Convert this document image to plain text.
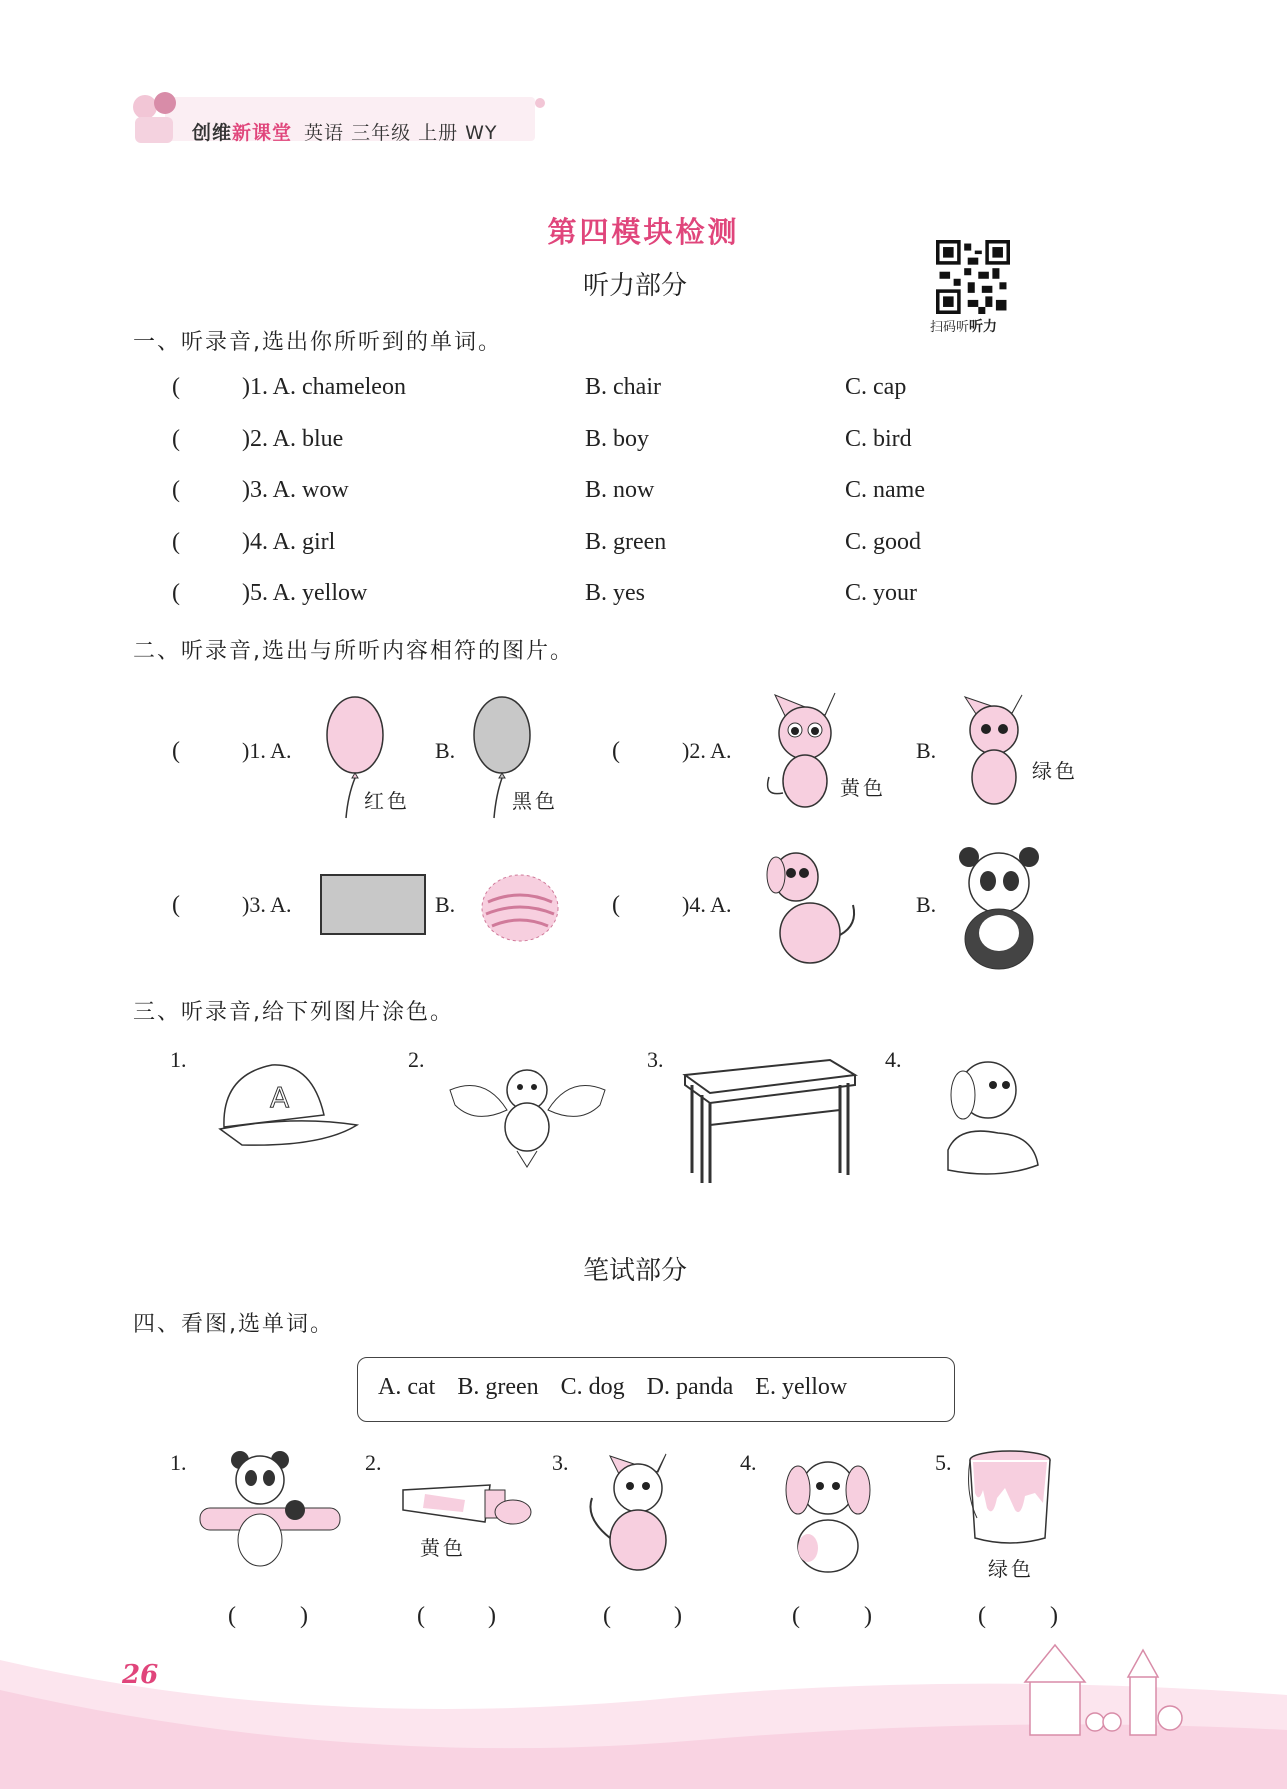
创维新课堂 英语 三年级 上册 WY
第四模块检测
听力部分
扫码听听力
一、听录音,选出你所听到的单词。
(	)1. A. chameleon	B. chair	C. cap
(	)2. A. blue	B. boy	C. bird
(	)3. A. wow	B. now	C. name
(	)4. A. girl	B. green	C. good
(	)5. A. yellow	B. yes	C. your
二、听录音,选出与所听内容相符的图片。
(	)1. A.
红色
B.
黑色
(	)2. A.
黄色
B.
绿色
(	)3. A.	B.	(	)4. A.	B.
三、听录音,给下列图片涂色。
1.
A
2.	3.	4.
笔试部分
四、看图,选单词。
A. cat B. green C. dog D. panda E. yellow
1.	2.
黄色
3.	4.	5.
绿色
(	)	(	)	(	)	(	)	(	)
26
